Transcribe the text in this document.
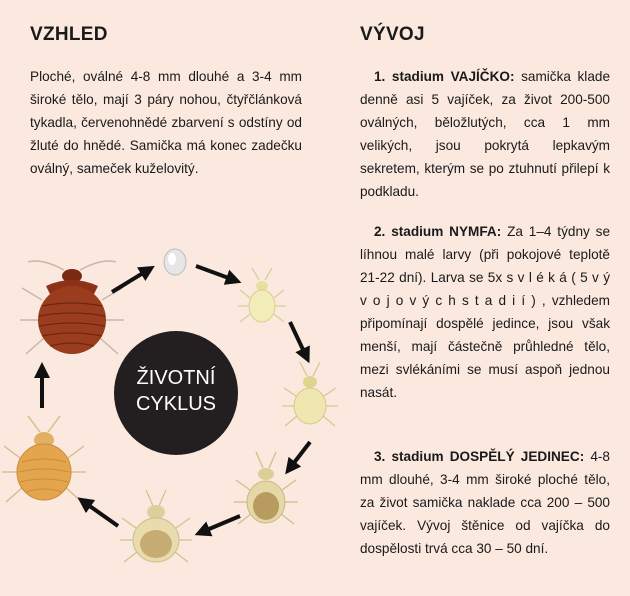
VZHLED
Ploché, oválné 4-8 mm dlouhé a 3-4 mm široké tělo, mají 3 páry nohou, čtyřčlánková tykadla, červenohnědé zbarvení s odstíny od žluté do hnědé. Samička má konec zadečku oválný, sameček kuželovitý.
VÝVOJ
1. stadium VAJÍČKO: samička klade denně asi 5 vajíček, za život 200-500 oválných, běložlutých, cca 1 mm velikých, jsou pokrytá lepkavým sekretem, kterým se po ztuhnutí přilepí k podkladu.
2. stadium NYMFA: Za 1–4 týdny se líhnou malé larvy (při pokojové teplotě 21-22 dní). Larva se 5x s v l é k á ( 5 v ý v o j o v ý c h s t a d i í ) , vzhledem připomínají dospělé jedince, jsou však menší, mají částečně průhledné tělo, mezi svlékáními se musí aspoň jednou nasát.
3. stadium DOSPĚLÝ JEDINEC: 4-8 mm dlouhé, 3-4 mm široké ploché tělo, za život samička naklade cca 200 – 500 vajíček. Vývoj štěnice od vajíčka do dospělosti trvá cca 30 – 50 dní.
ŽIVOTNÍ
CYKLUS
